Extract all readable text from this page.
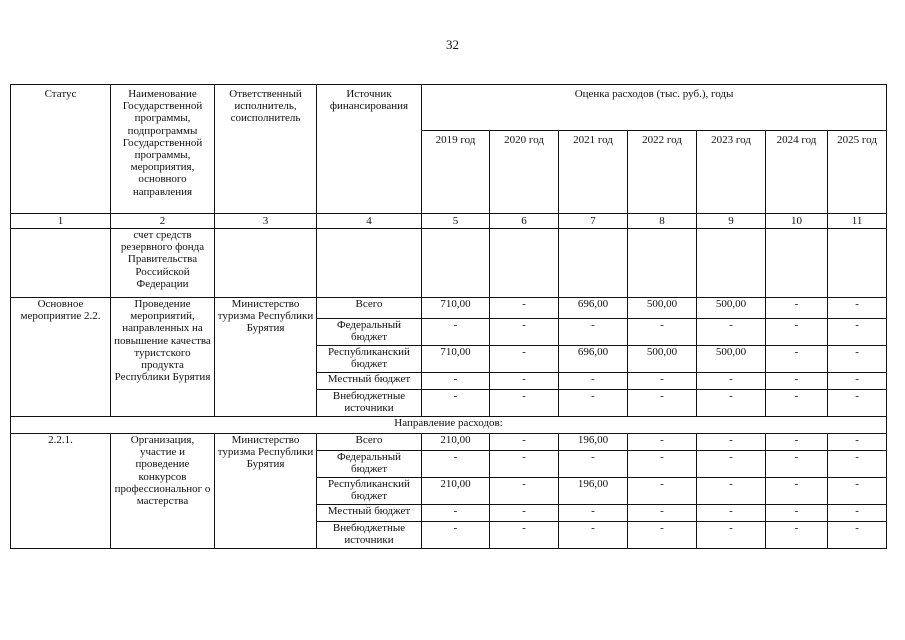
32
Статус	Наименование Государственной программы, подпрограммы Государственной программы, мероприятия, основного направления	Ответственный исполнитель, соисполнитель	Источник финансирования	Оценка расходов (тыс. руб.), годы						
				2019 год	2020 год	2021 год	2022 год	2023 год	2024 год	2025 год
1	2	3	4	5	6	7	8	9	10	11
	счет средств резервного фонда Правительства Российской Федерации									
Основное мероприятие 2.2.	Проведение мероприятий, направленных на повышение качества туристского продукта Республики Бурятия	Министерство туризма Республики Бурятия	Всего	710,00	-	696,00	500,00	500,00	-	-
			Федеральный бюджет	-	-	-	-	-	-	-
			Республиканский бюджет	710,00	-	696,00	500,00	500,00	-	-
			Местный бюджет	-	-	-	-	-	-	-
			Внебюджетные источники	-	-	-	-	-	-	-
Направление расходов:										
2.2.1.	Организация, участие и проведение конкурсов профессиональног о мастерства	Министерство туризма Республики Бурятия	Всего	210,00	-	196,00	-	-	-	-
			Федеральный бюджет	-	-	-	-	-	-	-
			Республиканский бюджет	210,00	-	196,00	-	-	-	-
			Местный бюджет	-	-	-	-	-	-	-
			Внебюджетные источники	-	-	-	-	-	-	-
